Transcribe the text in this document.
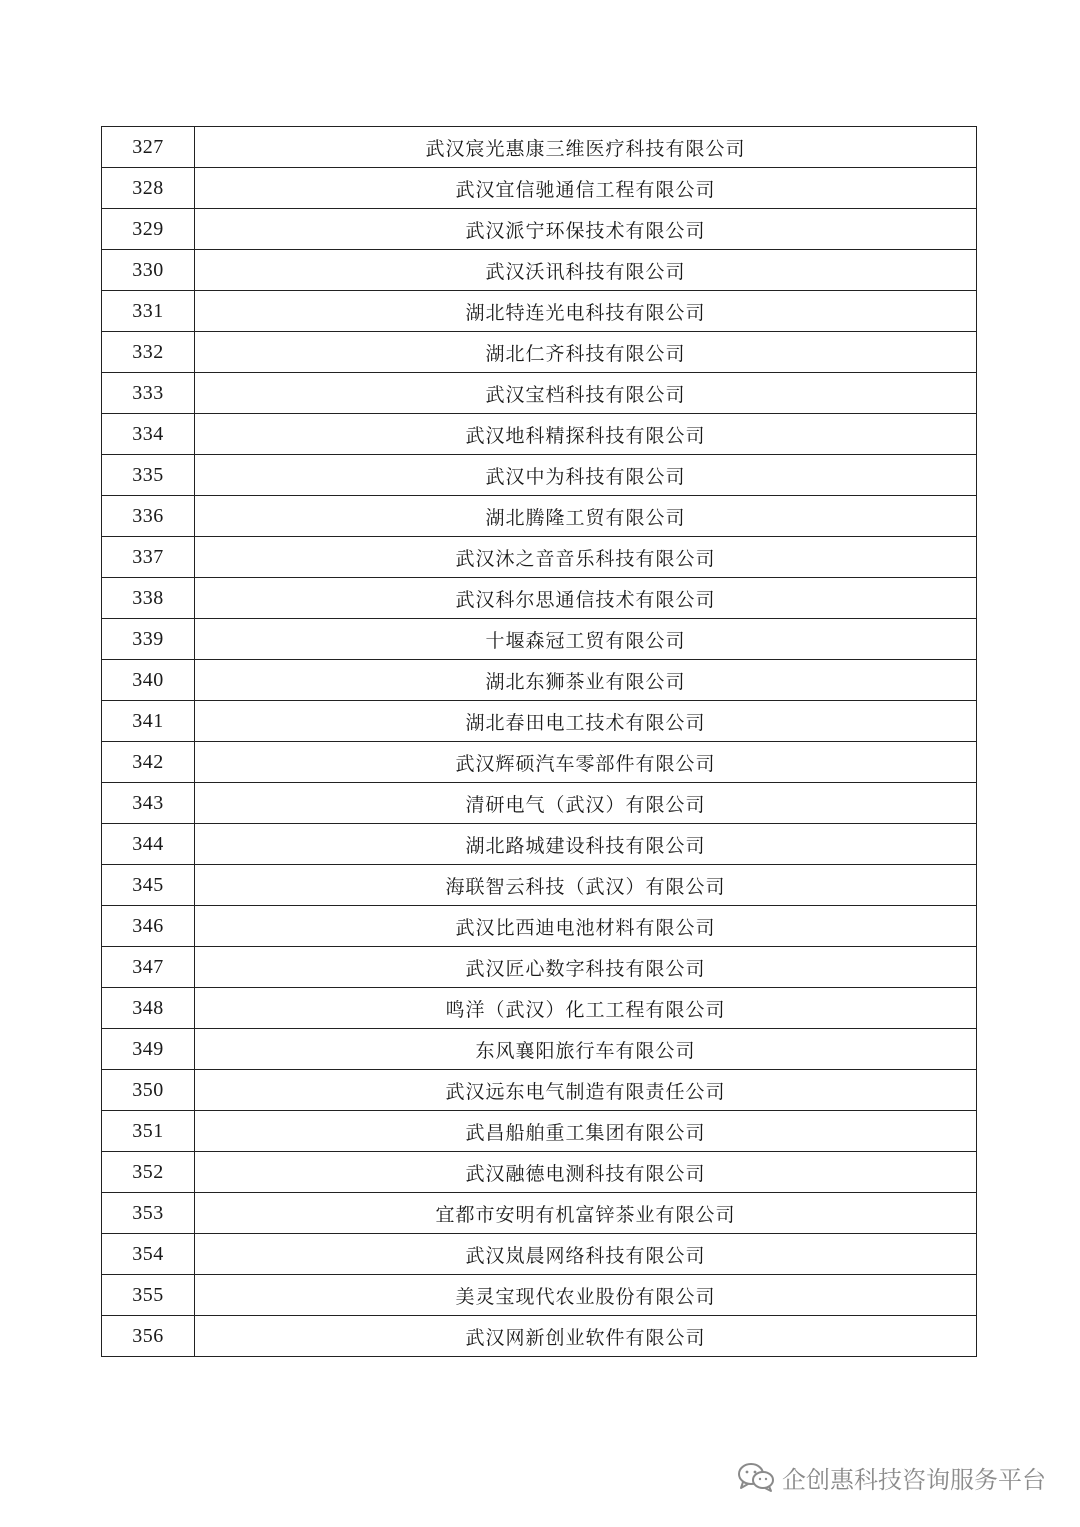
327	武汉宸光惠康三维医疗科技有限公司
328	武汉宜信驰通信工程有限公司
329	武汉派宁环保技术有限公司
330	武汉沃讯科技有限公司
331	湖北特连光电科技有限公司
332	湖北仁齐科技有限公司
333	武汉宝档科技有限公司
334	武汉地科精探科技有限公司
335	武汉中为科技有限公司
336	湖北腾隆工贸有限公司
337	武汉沐之音音乐科技有限公司
338	武汉科尔思通信技术有限公司
339	十堰森冠工贸有限公司
340	湖北东狮茶业有限公司
341	湖北春田电工技术有限公司
342	武汉辉硕汽车零部件有限公司
343	清研电气（武汉）有限公司
344	湖北路城建设科技有限公司
345	海联智云科技（武汉）有限公司
346	武汉比西迪电池材料有限公司
347	武汉匠心数字科技有限公司
348	鸣洋（武汉）化工工程有限公司
349	东风襄阳旅行车有限公司
350	武汉远东电气制造有限责任公司
351	武昌船舶重工集团有限公司
352	武汉融德电测科技有限公司
353	宜都市安明有机富锌茶业有限公司
354	武汉岚晨网络科技有限公司
355	美灵宝现代农业股份有限公司
356	武汉网新创业软件有限公司
企创惠科技咨询服务平台
